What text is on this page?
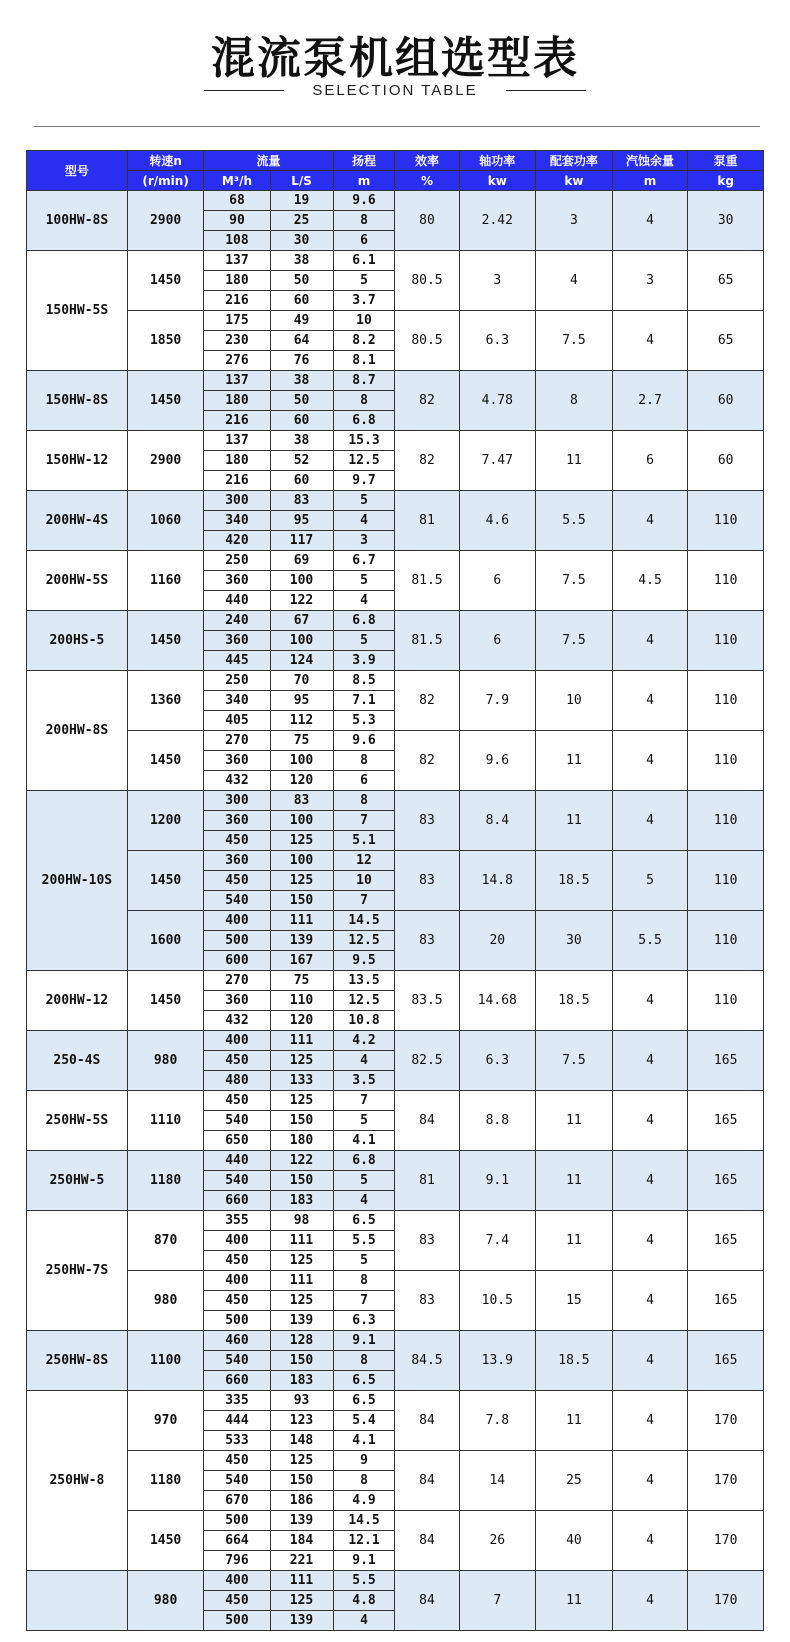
混流泵机组选型表
SELECTION TABLE
型号	转速n	流量		扬程	效率	轴功率	配套功率	汽蚀余量	泵重
	(r/min)	M³/h	L/S	m	%	kw	kw	m	kg
100HW-8S	2900	68	19	9.6	80	2.42	3	4	30
		90	25	8					
		108	30	6					
150HW-5S	1450	137	38	6.1	80.5	3	4	3	65
		180	50	5					
		216	60	3.7					
	1850	175	49	10	80.5	6.3	7.5	4	65
		230	64	8.2					
		276	76	8.1					
150HW-8S	1450	137	38	8.7	82	4.78	8	2.7	60
		180	50	8					
		216	60	6.8					
150HW-12	2900	137	38	15.3	82	7.47	11	6	60
		180	52	12.5					
		216	60	9.7					
200HW-4S	1060	300	83	5	81	4.6	5.5	4	110
		340	95	4					
		420	117	3					
200HW-5S	1160	250	69	6.7	81.5	6	7.5	4.5	110
		360	100	5					
		440	122	4					
200HS-5	1450	240	67	6.8	81.5	6	7.5	4	110
		360	100	5					
		445	124	3.9					
200HW-8S	1360	250	70	8.5	82	7.9	10	4	110
		340	95	7.1					
		405	112	5.3					
	1450	270	75	9.6	82	9.6	11	4	110
		360	100	8					
		432	120	6					
200HW-10S	1200	300	83	8	83	8.4	11	4	110
		360	100	7					
		450	125	5.1					
	1450	360	100	12	83	14.8	18.5	5	110
		450	125	10					
		540	150	7					
	1600	400	111	14.5	83	20	30	5.5	110
		500	139	12.5					
		600	167	9.5					
200HW-12	1450	270	75	13.5	83.5	14.68	18.5	4	110
		360	110	12.5					
		432	120	10.8					
250-4S	980	400	111	4.2	82.5	6.3	7.5	4	165
		450	125	4					
		480	133	3.5					
250HW-5S	1110	450	125	7	84	8.8	11	4	165
		540	150	5					
		650	180	4.1					
250HW-5	1180	440	122	6.8	81	9.1	11	4	165
		540	150	5					
		660	183	4					
250HW-7S	870	355	98	6.5	83	7.4	11	4	165
		400	111	5.5					
		450	125	5					
	980	400	111	8	83	10.5	15	4	165
		450	125	7					
		500	139	6.3					
250HW-8S	1100	460	128	9.1	84.5	13.9	18.5	4	165
		540	150	8					
		660	183	6.5					
250HW-8	970	335	93	6.5	84	7.8	11	4	170
		444	123	5.4					
		533	148	4.1					
	1180	450	125	9	84	14	25	4	170
		540	150	8					
		670	186	4.9					
	1450	500	139	14.5	84	26	40	4	170
		664	184	12.1					
		796	221	9.1					
	980	400	111	5.5	84	7	11	4	170
		450	125	4.8					
		500	139	4					
